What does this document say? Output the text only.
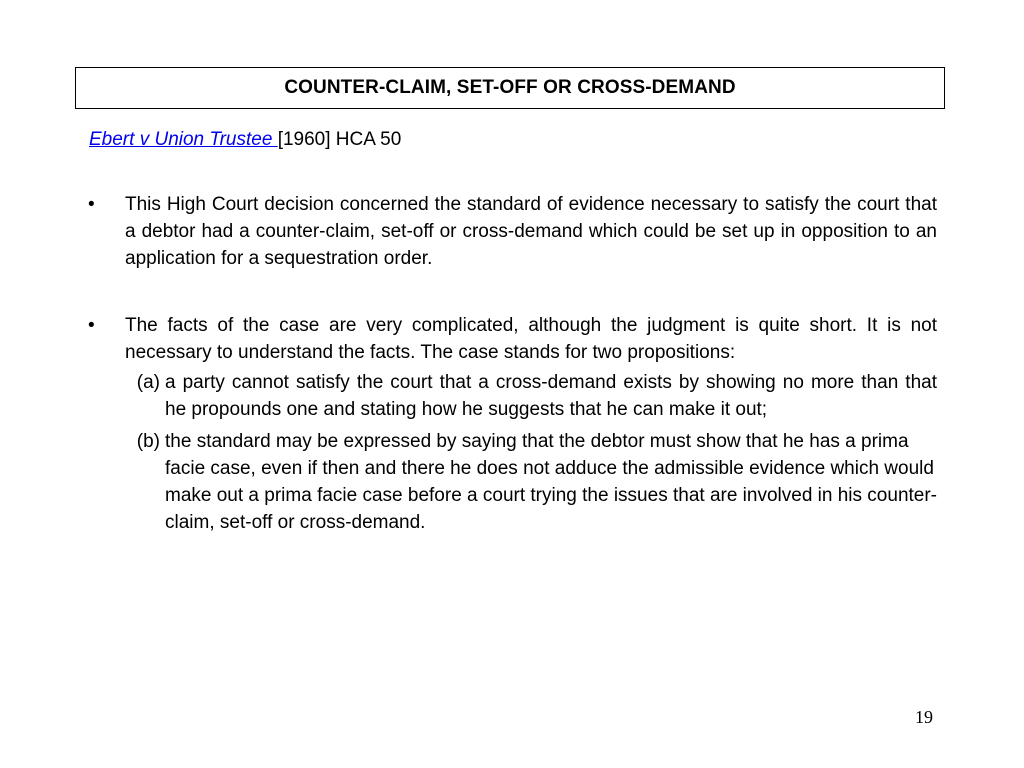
COUNTER-CLAIM, SET-OFF OR CROSS-DEMAND
Ebert v Union Trustee [1960] HCA 50
•	This High Court decision concerned the standard of evidence necessary to satisfy the court that a debtor had a counter-claim, set-off or cross-demand which could be set up in opposition to an application for a sequestration order.
•	The facts of the case are very complicated, although the judgment is quite short. It is not necessary to understand the facts. The case stands for two propositions:
(a) a party cannot satisfy the court that a cross-demand exists by showing no more than that he propounds one and stating how he suggests that he can make it out;
(b) the standard may be expressed by saying that the debtor must show that he has a prima facie case, even if then and there he does not adduce the admissible evidence which would make out a prima facie case before a court trying the issues that are involved in his counter-claim, set-off or cross-demand.
19
